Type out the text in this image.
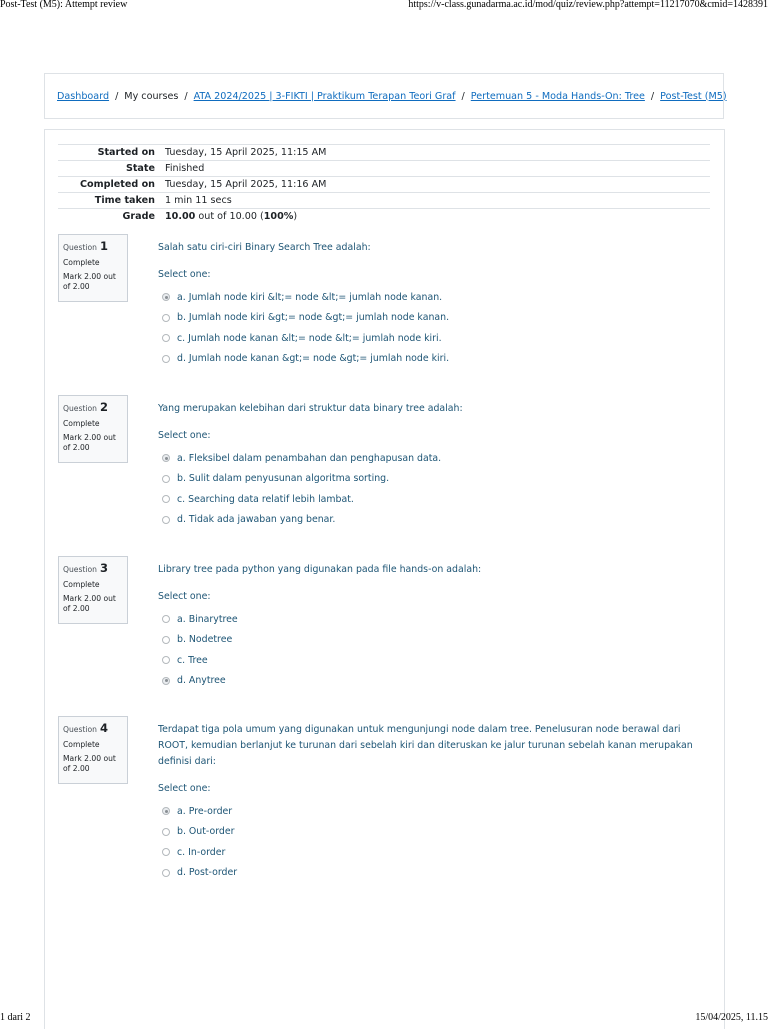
Post-Test (M5): Attempt review	https://v-class.gunadarma.ac.id/mod/quiz/review.php?attempt=11217070&cmid=1428391
Dashboard / My courses / ATA 2024/2025 | 3-FIKTI | Praktikum Terapan Teori Graf / Pertemuan 5 - Moda Hands-On: Tree / Post-Test (M5)
Started on	Tuesday, 15 April 2025, 11:15 AM
State	Finished
Completed on	Tuesday, 15 April 2025, 11:16 AM
Time taken	1 min 11 secs
Grade	10.00 out of 10.00 (100%)
Question 1
Complete
Mark 2.00 out of 2.00
Salah satu ciri-ciri Binary Search Tree adalah:
Select one:
a. Jumlah node kiri &lt;= node &lt;= jumlah node kanan.
b. Jumlah node kiri &gt;= node &gt;= jumlah node kanan.
c. Jumlah node kanan &lt;= node &lt;= jumlah node kiri.
d. Jumlah node kanan &gt;= node &gt;= jumlah node kiri.
Question 2
Complete
Mark 2.00 out of 2.00
Yang merupakan kelebihan dari struktur data binary tree adalah:
Select one:
a. Fleksibel dalam penambahan dan penghapusan data.
b. Sulit dalam penyusunan algoritma sorting.
c. Searching data relatif lebih lambat.
d. Tidak ada jawaban yang benar.
Question 3
Complete
Mark 2.00 out of 2.00
Library tree pada python yang digunakan pada file hands-on adalah:
Select one:
a. Binarytree
b. Nodetree
c. Tree
d. Anytree
Question 4
Complete
Mark 2.00 out of 2.00
Terdapat tiga pola umum yang digunakan untuk mengunjungi node dalam tree. Penelusuran node berawal dari ROOT, kemudian berlanjut ke turunan dari sebelah kiri dan diteruskan ke jalur turunan sebelah kanan merupakan definisi dari:
Select one:
a. Pre-order
b. Out-order
c. In-order
d. Post-order
1 dari 2	15/04/2025, 11.15
